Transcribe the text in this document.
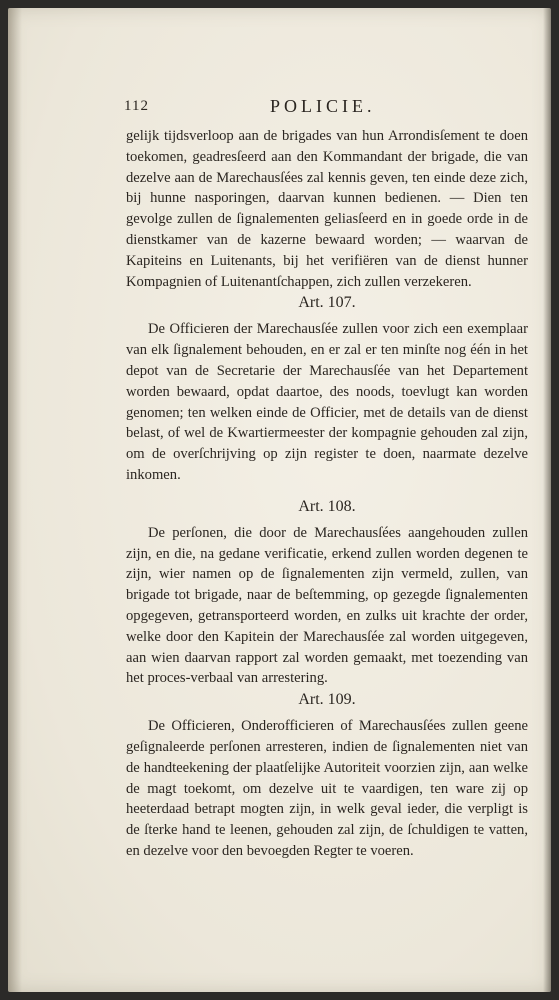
112	POLICIE.

gelijk tijdsverloop aan de brigades van hun Arrondisſement te doen toekomen, geadresſeerd aan den Kommandant der brigade, die van dezelve aan de Marechausſées zal kennis geven, ten einde deze zich, bij hunne nasporingen, daarvan kunnen bedienen. — Dien ten gevolge zullen de ſignalementen geliasſeerd en in goede orde in de dienstkamer van de kazerne bewaard worden; — waarvan de Kapiteins en Luitenants, bij het verifiëren van de dienst hunner Kompagnien of Luitenantſchappen, zich zullen verzekeren.

Art. 107.

De Officieren der Marechausſée zullen voor zich een exemplaar van elk ſignalement behouden, en er zal er ten minſte nog één in het depot van de Secretarie der Marechausſée van het Departement worden bewaard, opdat daartoe, des noods, toevlugt kan worden genomen; ten welken einde de Officier, met de details van de dienst belast, of wel de Kwartiermeester der kompagnie gehouden zal zijn, om de overſchrijving op zijn register te doen, naarmate dezelve inkomen.

Art. 108.

De perſonen, die door de Marechausſées aangehouden zullen zijn, en die, na gedane verificatie, erkend zullen worden degenen te zijn, wier namen op de ſignalementen zijn vermeld, zullen, van brigade tot brigade, naar de beſtemming, op gezegde ſignalementen opgegeven, getransporteerd worden, en zulks uit krachte der order, welke door den Kapitein der Marechausſée zal worden uitgegeven, aan wien daarvan rapport zal worden gemaakt, met toezending van het proces-verbaal van arrestering.

Art. 109.

De Officieren, Onderofficieren of Marechausſées zullen geene geſignaleerde perſonen arresteren, indien de ſignalementen niet van de handteekening der plaatſelijke Autoriteit voorzien zijn, aan welke de magt toekomt, om dezelve uit te vaardigen, ten ware zij op heeterdaad betrapt mogten zijn, in welk geval ieder, die verpligt is de ſterke hand te leenen, gehouden zal zijn, de ſchuldigen te vatten, en dezelve voor den bevoegden Regter te voeren.
